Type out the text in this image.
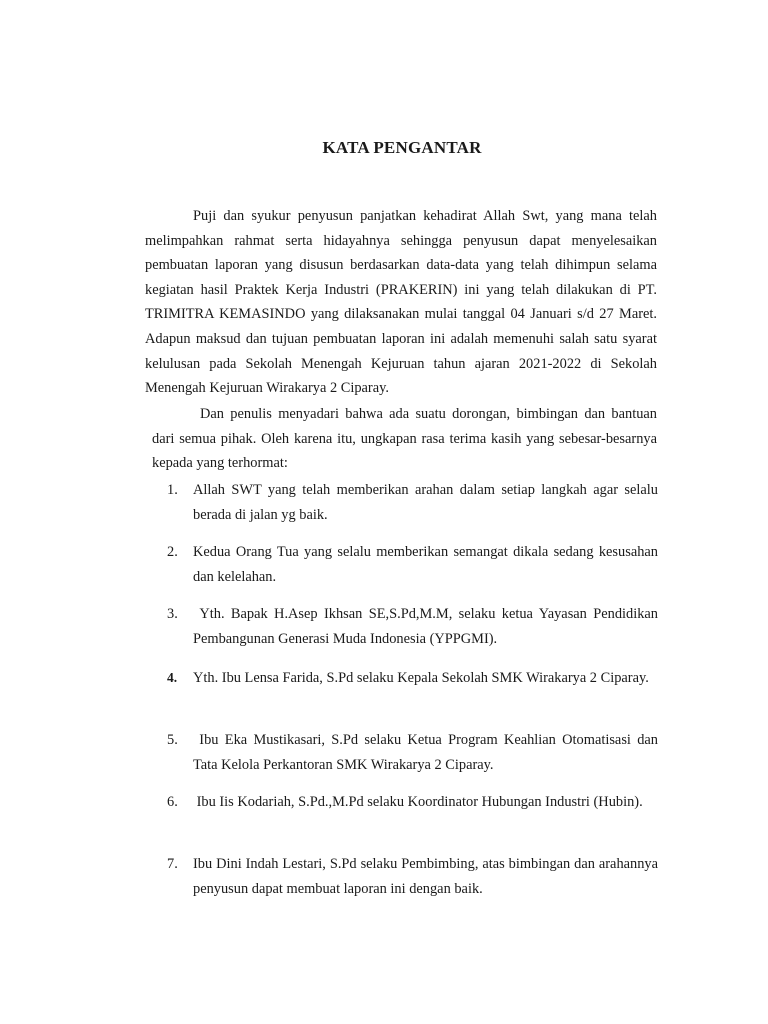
KATA PENGANTAR

Puji dan syukur penyusun panjatkan kehadirat Allah Swt, yang mana telah melimpahkan rahmat serta hidayahnya sehingga penyusun dapat menyelesaikan pembuatan laporan yang disusun berdasarkan data-data yang telah dihimpun selama kegiatan hasil Praktek Kerja Industri (PRAKERIN) ini yang telah dilakukan di PT. TRIMITRA KEMASINDO yang dilaksanakan mulai tanggal 04 Januari s/d 27 Maret. Adapun maksud dan tujuan pembuatan laporan ini adalah memenuhi salah satu syarat kelulusan pada Sekolah Menengah Kejuruan tahun ajaran 2021-2022 di Sekolah Menengah Kejuruan Wirakarya 2 Ciparay.

Dan penulis menyadari bahwa ada suatu dorongan, bimbingan dan bantuan dari semua pihak. Oleh karena itu, ungkapan rasa terima kasih yang sebesar-besarnya kepada yang terhormat:

1. Allah SWT yang telah memberikan arahan dalam setiap langkah agar selalu berada di jalan yg baik.
2. Kedua Orang Tua yang selalu memberikan semangat dikala sedang kesusahan dan kelelahan.
3. Yth. Bapak H.Asep Ikhsan SE,S.Pd,M.M, selaku ketua Yayasan Pendidikan Pembangunan Generasi Muda Indonesia (YPPGMI).
4. Yth. Ibu Lensa Farida, S.Pd selaku Kepala Sekolah SMK Wirakarya 2 Ciparay.
5. Ibu Eka Mustikasari, S.Pd selaku Ketua Program Keahlian Otomatisasi dan Tata Kelola Perkantoran SMK Wirakarya 2 Ciparay.
6. Ibu Iis Kodariah, S.Pd.,M.Pd selaku Koordinator Hubungan Industri (Hubin).
7. Ibu Dini Indah Lestari, S.Pd selaku Pembimbing, atas bimbingan dan arahannya penyusun dapat membuat laporan ini dengan baik.
